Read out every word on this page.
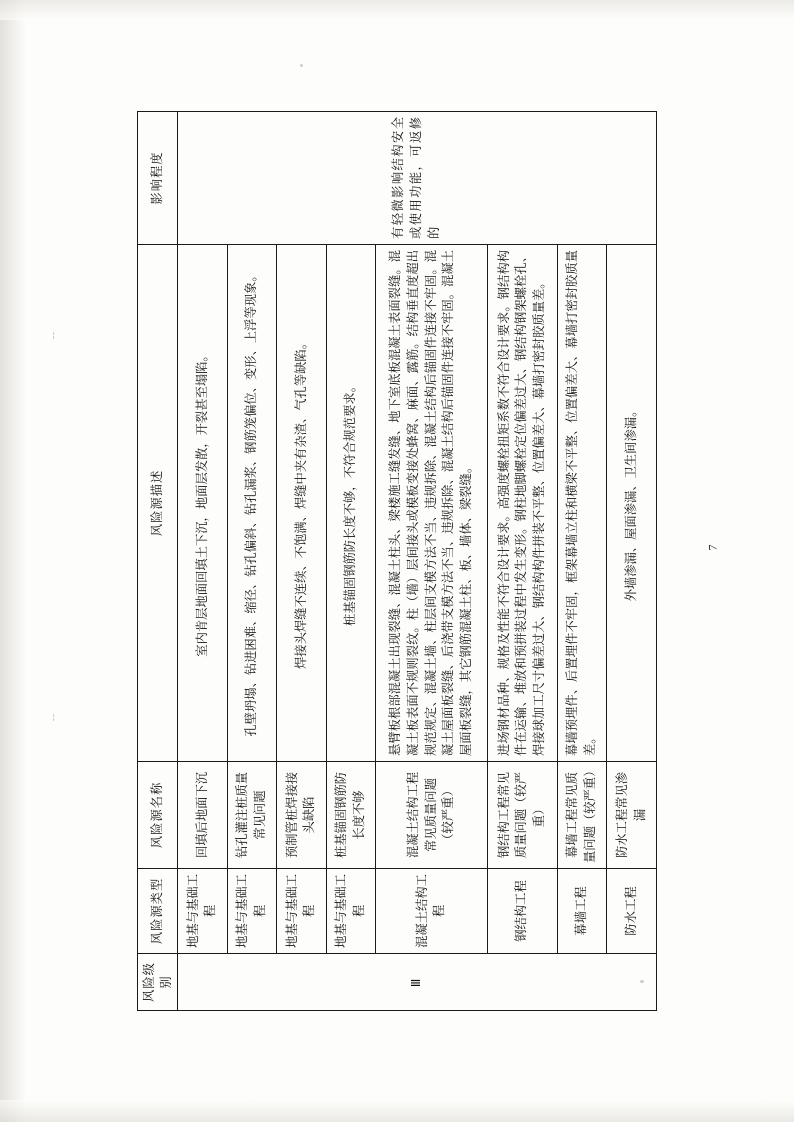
ˍˍ
ˍˍ
风险级别	风险源类型	风险源名称	风险源描述	影响程度
Ⅲ	地基与基础工程	回填后地面下沉	室内肯层地面回填土下沉，地面层发散，开裂甚至塌陷。	有轻微影响结构安全或使用功能，可返修的
	地基与基础工程	钻孔灌注桩质量常见问题	孔壁坍塌、钻进困难、缩径、钻孔偏斜、钻孔漏浆、钢筋笼偏位、变形、上浮等现象。	
	地基与基础工程	预制管桩焊接接头缺陷	焊接头焊缝不连续、不饱满、焊缝中夹有杂渣、气孔等缺陷。	
	地基与基础工程	桩基锚固钢筋防长度不够	桩基锚固钢筋防长度不够，不符合规范要求。	
	混凝土结构工程	混凝土结构工程常见质量问题（较严重）	悬臂板根部混凝土出现裂缝、混凝土柱头、梁楼施工缝发缝、地下室底板混凝土表面裂缝。混凝土板表面不规则裂纹。柱（墙）层间接头或模板变接处蜂窝、麻面、露筋。结构垂直度超出规范规定、混凝土墙、柱层间支模方法不当、违规拆除、混凝土结构后锚固件连接不牢固。混凝土屋面板裂缝、后浇带支模方法不当、违规拆除、混凝土结构后锚固件连接不牢固。混凝土屋面板裂缝，其它钢筋混凝土柱、板、墙体、梁裂缝。	
	钢结构工程	钢结构工程常见质量问题（较严重）	进场钢材品种、规格及性能不符合设计要求。高强度螺栓扭矩系数不符合设计要求。钢结构构件在运输、堆放和预拼装过程中发生变形。钢柱地脚螺栓定位偏差过大、钢结构钢架螺栓孔、焊接球加工尺寸偏差过大、钢结构构件拼装不平整、位置偏差大、幕墙打密封胶质量差。	
	幕墙工程	幕墙工程常见质量问题（较严重）	幕墙预埋件、后置埋件不牢固，框架幕墙立柱和横梁不平整、位置偏差大、幕墙打密封胶质量差。	
	防水工程	防水工程常见渗漏	外墙渗漏、屋面渗漏、卫生间渗漏。		7
